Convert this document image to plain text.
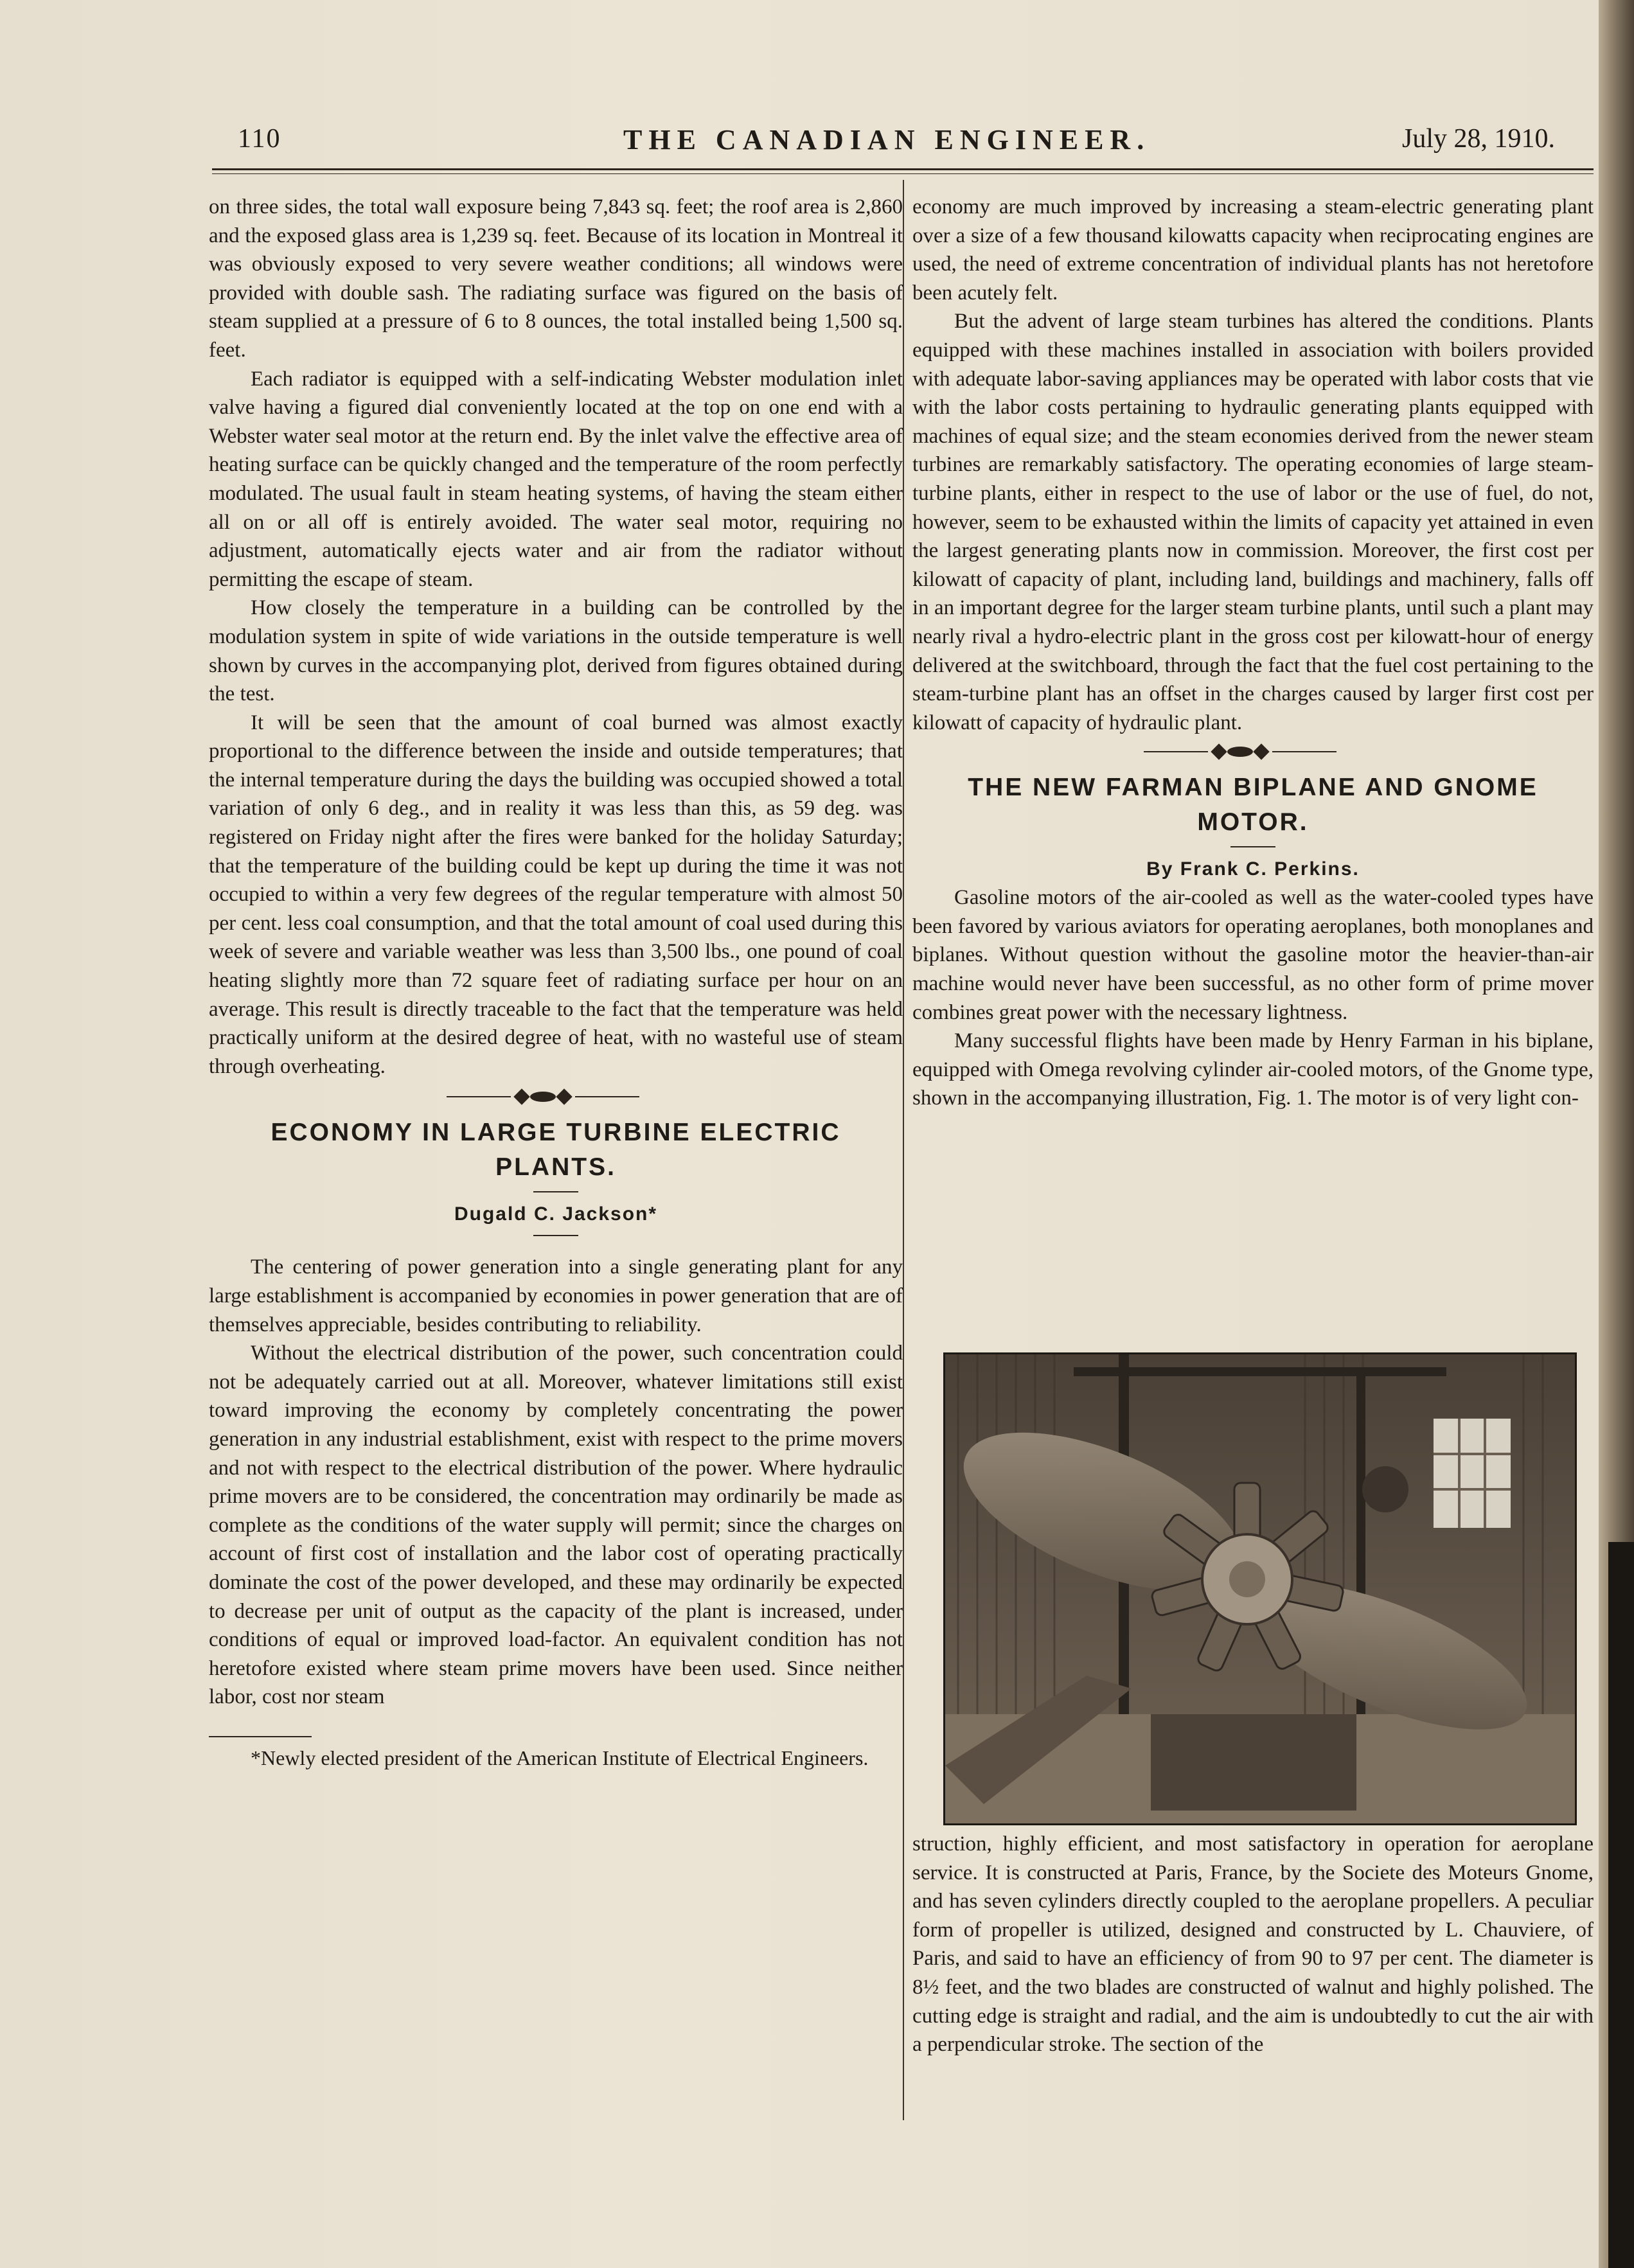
110	THE CANADIAN ENGINEER.	July 28, 1910.

on three sides, the total wall exposure being 7,843 sq. feet; the roof area is 2,860 and the exposed glass area is 1,239 sq. feet. Because of its location in Montreal it was obviously exposed to very severe weather conditions; all windows were provided with double sash. The radiating surface was figured on the basis of steam supplied at a pressure of 6 to 8 ounces, the total installed being 1,500 sq. feet.

Each radiator is equipped with a self-indicating Webster modulation inlet valve having a figured dial conveniently located at the top on one end with a Webster water seal motor at the return end. By the inlet valve the effective area of heating surface can be quickly changed and the temperature of the room perfectly modulated. The usual fault in steam heating systems, of having the steam either all on or all off is entirely avoided. The water seal motor, requiring no adjustment, automatically ejects water and air from the radiator without permitting the escape of steam.

How closely the temperature in a building can be controlled by the modulation system in spite of wide variations in the outside temperature is well shown by curves in the accompanying plot, derived from figures obtained during the test.

It will be seen that the amount of coal burned was almost exactly proportional to the difference between the inside and outside temperatures; that the internal temperature during the days the building was occupied showed a total variation of only 6 deg., and in reality it was less than this, as 59 deg. was registered on Friday night after the fires were banked for the holiday Saturday; that the temperature of the building could be kept up during the time it was not occupied to within a very few degrees of the regular temperature with almost 50 per cent. less coal consumption, and that the total amount of coal used during this week of severe and variable weather was less than 3,500 lbs., one pound of coal heating slightly more than 72 square feet of radiating surface per hour on an average. This result is directly traceable to the fact that the temperature was held practically uniform at the desired degree of heat, with no wasteful use of steam through overheating.

ECONOMY IN LARGE TURBINE ELECTRIC PLANTS.
Dugald C. Jackson*

The centering of power generation into a single generating plant for any large establishment is accompanied by economies in power generation that are of themselves appreciable, besides contributing to reliability.

Without the electrical distribution of the power, such concentration could not be adequately carried out at all. Moreover, whatever limitations still exist toward improving the economy by completely concentrating the power generation in any industrial establishment, exist with respect to the prime movers and not with respect to the electrical distribution of the power. Where hydraulic prime movers are to be considered, the concentration may ordinarily be made as complete as the conditions of the water supply will permit; since the charges on account of first cost of installation and the labor cost of operating practically dominate the cost of the power developed, and these may ordinarily be expected to decrease per unit of output as the capacity of the plant is increased, under conditions of equal or improved load-factor. An equivalent condition has not heretofore existed where steam prime movers have been used. Since neither labor, cost nor steam

*Newly elected president of the American Institute of Electrical Engineers.

economy are much improved by increasing a steam-electric generating plant over a size of a few thousand kilowatts capacity when reciprocating engines are used, the need of extreme concentration of individual plants has not heretofore been acutely felt.

But the advent of large steam turbines has altered the conditions. Plants equipped with these machines installed in association with boilers provided with adequate labor-saving appliances may be operated with labor costs that vie with the labor costs pertaining to hydraulic generating plants equipped with machines of equal size; and the steam economies derived from the newer steam turbines are remarkably satisfactory. The operating economies of large steam-turbine plants, either in respect to the use of labor or the use of fuel, do not, however, seem to be exhausted within the limits of capacity yet attained in even the largest generating plants now in commission. Moreover, the first cost per kilowatt of capacity of plant, including land, buildings and machinery, falls off in an important degree for the larger steam turbine plants, until such a plant may nearly rival a hydro-electric plant in the gross cost per kilowatt-hour of energy delivered at the switchboard, through the fact that the fuel cost pertaining to the steam-turbine plant has an offset in the charges caused by larger first cost per kilowatt of capacity of hydraulic plant.

THE NEW FARMAN BIPLANE AND GNOME MOTOR.
By Frank C. Perkins.

Gasoline motors of the air-cooled as well as the water-cooled types have been favored by various aviators for operating aeroplanes, both monoplanes and biplanes. Without question without the gasoline motor the heavier-than-air machine would never have been successful, as no other form of prime mover combines great power with the necessary lightness.

Many successful flights have been made by Henry Farman in his biplane, equipped with Omega revolving cylinder air-cooled motors, of the Gnome type, shown in the accompanying illustration, Fig. 1. The motor is of very light con-

struction, highly efficient, and most satisfactory in operation for aeroplane service. It is constructed at Paris, France, by the Societe des Moteurs Gnome, and has seven cylinders directly coupled to the aeroplane propellers. A peculiar form of propeller is utilized, designed and constructed by L. Chauviere, of Paris, and said to have an efficiency of from 90 to 97 per cent. The diameter is 8½ feet, and the two blades are constructed of walnut and highly polished. The cutting edge is straight and radial, and the aim is undoubtedly to cut the air with a perpendicular stroke. The section of the
